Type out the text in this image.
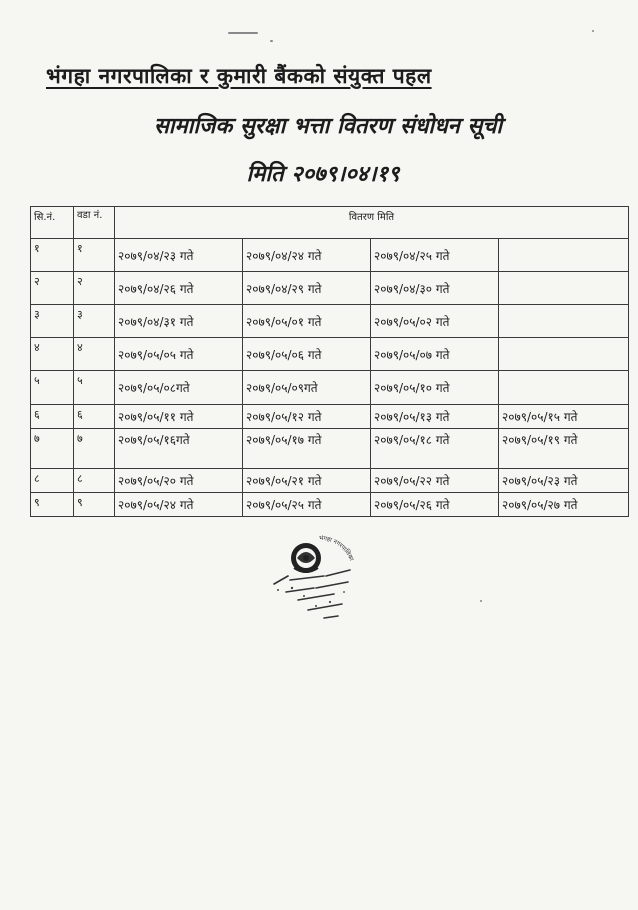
भंगहा नगरपालिका र कुमारी बैंकको संयुक्त पहल
सामाजिक सुरक्षा भत्ता वितरण संधोधन सूची
मिति २०७९।०४।१९
सि.नं.	वडा नं.	वितरण मिति			
१	१	२०७९/०४/२३ गते	२०७९/०४/२४ गते	२०७९/०४/२५ गते	
२	२	२०७९/०४/२६ गते	२०७९/०४/२९ गते	२०७९/०४/३० गते	
३	३	२०७९/०४/३१ गते	२०७९/०५/०१ गते	२०७९/०५/०२ गते	
४	४	२०७९/०५/०५ गते	२०७९/०५/०६ गते	२०७९/०५/०७ गते	
५	५	२०७९/०५/०८गते	२०७९/०५/०९गते	२०७९/०५/१० गते	
६	६	२०७९/०५/११ गते	२०७९/०५/१२ गते	२०७९/०५/१३ गते	२०७९/०५/१५ गते
७	७	२०७९/०५/१६गते	२०७९/०५/१७ गते	२०७९/०५/१८ गते	२०७९/०५/१९ गते
८	८	२०७९/०५/२० गते	२०७९/०५/२१ गते	२०७९/०५/२२ गते	२०७९/०५/२३ गते
९	९	२०७९/०५/२४ गते	२०७९/०५/२५ गते	२०७९/०५/२६ गते	२०७९/०५/२७ गते
भंगहा नगरपालिका
